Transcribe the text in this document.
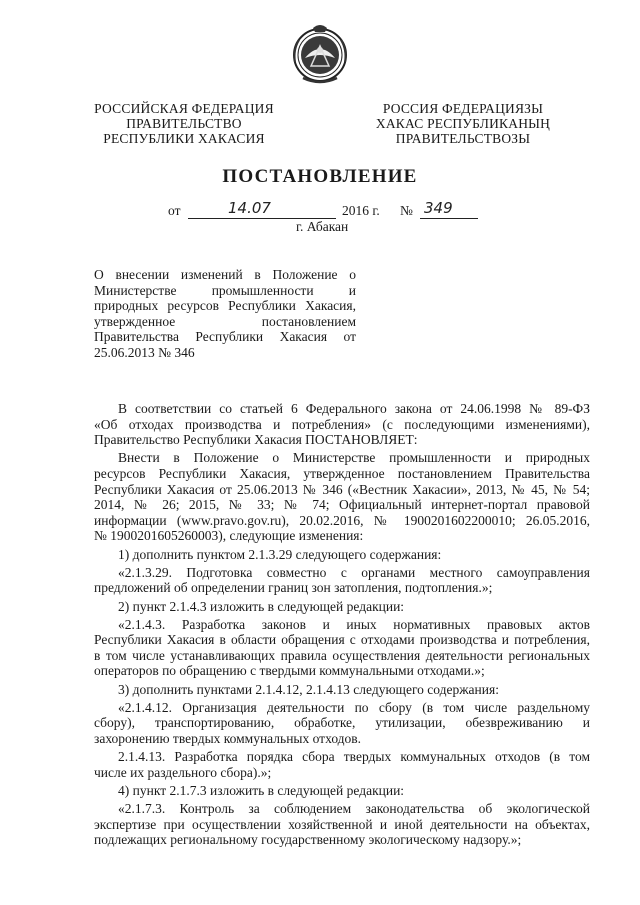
РОССИЙСКАЯ ФЕДЕРАЦИЯ
ПРАВИТЕЛЬСТВО
РЕСПУБЛИКИ ХАКАСИЯ
РОССИЯ ФЕДЕРАЦИЯЗЫ
ХАКАС РЕСПУБЛИКАНЫҢ
ПРАВИТЕЛЬСТВОЗЫ
ПОСТАНОВЛЕНИЕ
от	14.07	2016 г. № 349
г. Абакан
О внесении изменений в Положение о
Министерстве промышленности и
природных ресурсов Республики Хакасия,
утвержденное постановлением
Правительства Республики Хакасия от
25.06.2013 № 346
В соответствии со статьей 6 Федерального закона от 24.06.1998 № 89-ФЗ
«Об отходах производства и потребления» (с последующими изменениями),
Правительство Республики Хакасия ПОСТАНОВЛЯЕТ:
Внести в Положение о Министерстве промышленности и природных
ресурсов Республики Хакасия, утвержденное постановлением Правительства
Республики Хакасия от 25.06.2013 № 346 («Вестник Хакасии», 2013, № 45, № 54;
2014, № 26; 2015, № 33; № 74; Официальный интернет-портал правовой
информации (www.pravo.gov.ru), 20.02.2016, № 1900201602200010; 26.05.2016,
№ 1900201605260003), следующие изменения:
1) дополнить пунктом 2.1.3.29 следующего содержания:
«2.1.3.29. Подготовка совместно с органами местного самоуправления
предложений об определении границ зон затопления, подтопления.»;
2) пункт 2.1.4.3 изложить в следующей редакции:
«2.1.4.3. Разработка законов и иных нормативных правовых актов
Республики Хакасия в области обращения с отходами производства и потребления,
в том числе устанавливающих правила осуществления деятельности региональных
операторов по обращению с твердыми коммунальными отходами.»;
3) дополнить пунктами 2.1.4.12, 2.1.4.13 следующего содержания:
«2.1.4.12. Организация деятельности по сбору (в том числе раздельному
сбору), транспортированию, обработке, утилизации, обезвреживанию и
захоронению твердых коммунальных отходов.
2.1.4.13. Разработка порядка сбора твердых коммунальных отходов (в том
числе их раздельного сбора).»;
4) пункт 2.1.7.3 изложить в следующей редакции:
«2.1.7.3. Контроль за соблюдением законодательства об экологической
экспертизе при осуществлении хозяйственной и иной деятельности на объектах,
подлежащих региональному государственному экологическому надзору.»;
